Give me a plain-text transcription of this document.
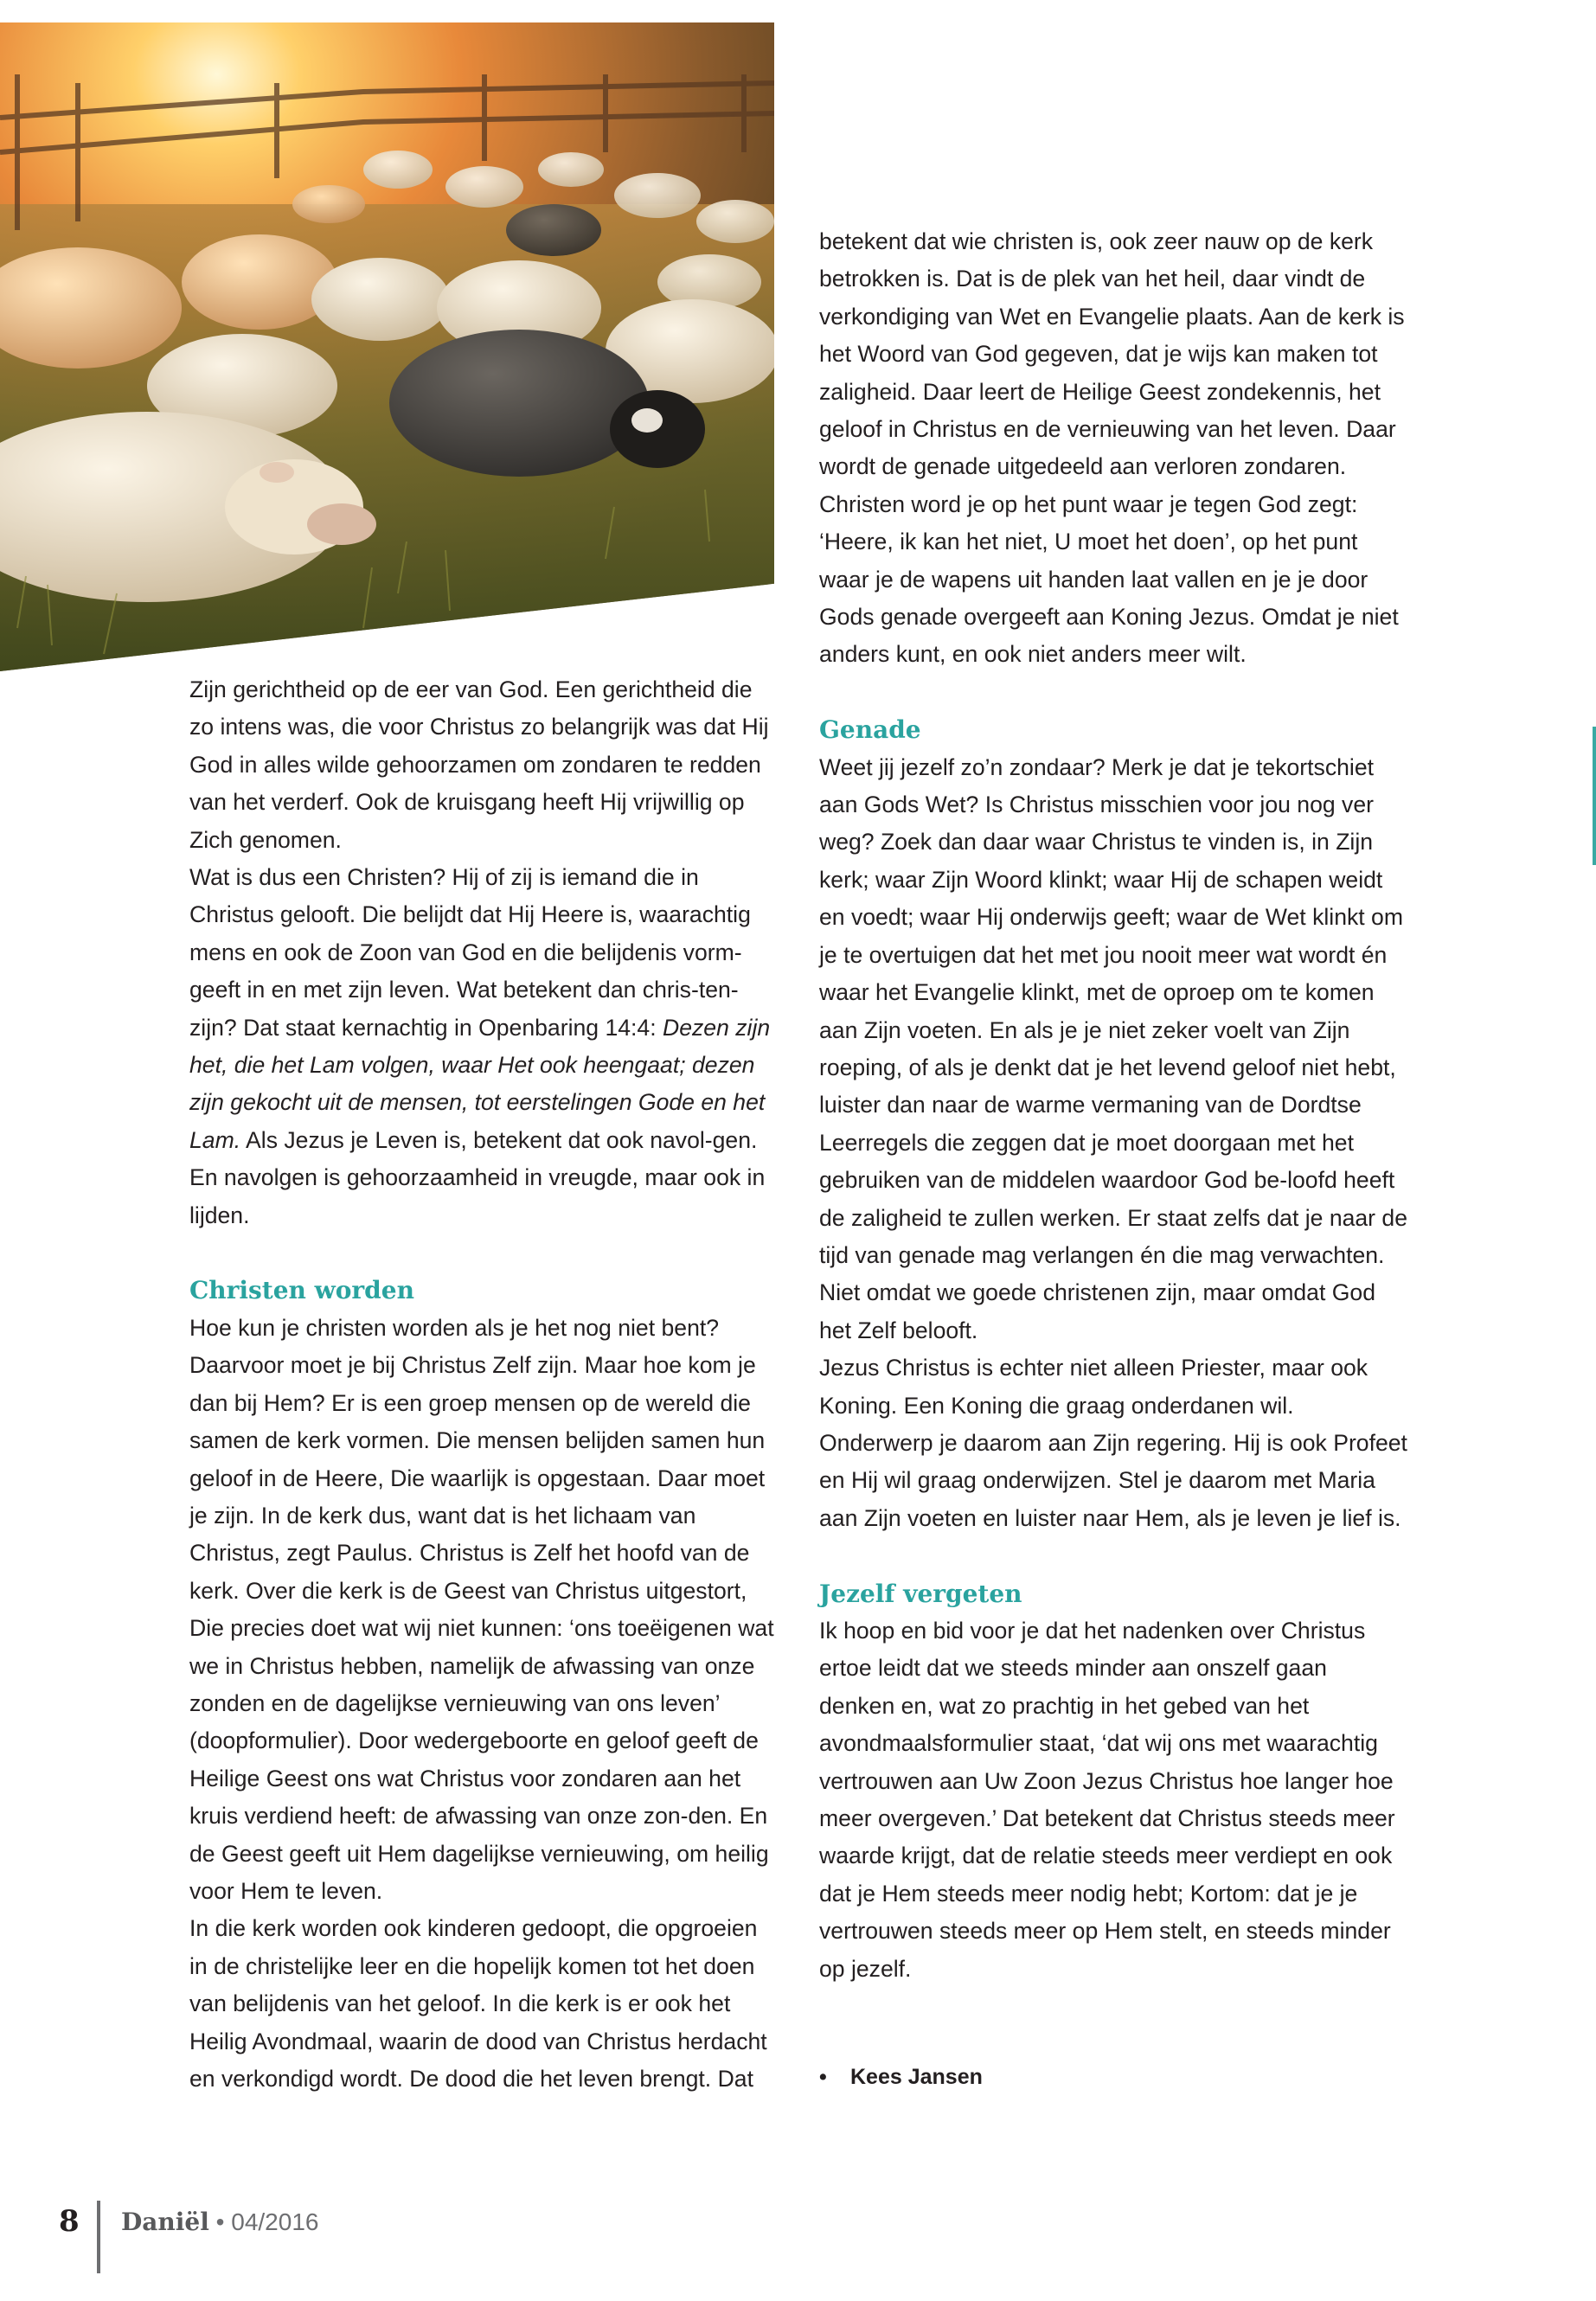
Zijn gerichtheid op de eer van God. Een gerichtheid die zo intens was, die voor Christus zo belangrijk was dat Hij God in alles wilde gehoorzamen om zondaren te redden van het verderf. Ook de kruisgang heeft Hij vrijwillig op Zich genomen.

Wat is dus een Christen? Hij of zij is iemand die in Christus gelooft. Die belijdt dat Hij Heere is, waarachtig mens en ook de Zoon van God en die belijdenis vorm-geeft in en met zijn leven. Wat betekent dan chris-ten-zijn? Dat staat kernachtig in Openbaring 14:4: Dezen zijn het, die het Lam volgen, waar Het ook heengaat; dezen zijn gekocht uit de mensen, tot eerstelingen Gode en het Lam. Als Jezus je Leven is, betekent dat ook navol-gen. En navolgen is gehoorzaamheid in vreugde, maar ook in lijden.

Christen worden

Hoe kun je christen worden als je het nog niet bent? Daarvoor moet je bij Christus Zelf zijn. Maar hoe kom je dan bij Hem? Er is een groep mensen op de wereld die samen de kerk vormen. Die mensen belijden samen hun geloof in de Heere, Die waarlijk is opgestaan. Daar moet je zijn. In de kerk dus, want dat is het lichaam van Christus, zegt Paulus. Christus is Zelf het hoofd van de kerk. Over die kerk is de Geest van Christus uitgestort, Die precies doet wat wij niet kunnen: ‘ons toeëigenen wat we in Christus hebben, namelijk de afwassing van onze zonden en de dagelijkse vernieuwing van ons leven’ (doopformulier). Door wedergeboorte en geloof geeft de Heilige Geest ons wat Christus voor zondaren aan het kruis verdiend heeft: de afwassing van onze zon-den. En de Geest geeft uit Hem dagelijkse vernieuwing, om heilig voor Hem te leven.

In die kerk worden ook kinderen gedoopt, die opgroeien in de christelijke leer en die hopelijk komen tot het doen van belijdenis van het geloof. In die kerk is er ook het Heilig Avondmaal, waarin de dood van Christus herdacht en verkondigd wordt. De dood die het leven brengt. Dat

betekent dat wie christen is, ook zeer nauw op de kerk betrokken is. Dat is de plek van het heil, daar vindt de verkondiging van Wet en Evangelie plaats. Aan de kerk is het Woord van God gegeven, dat je wijs kan maken tot zaligheid. Daar leert de Heilige Geest zondekennis, het geloof in Christus en de vernieuwing van het leven. Daar wordt de genade uitgedeeld aan verloren zondaren. Christen word je op het punt waar je tegen God zegt: ‘Heere, ik kan het niet, U moet het doen’, op het punt waar je de wapens uit handen laat vallen en je je door Gods genade overgeeft aan Koning Jezus. Omdat je niet anders kunt, en ook niet anders meer wilt.

Genade

Weet jij jezelf zo’n zondaar? Merk je dat je tekortschiet aan Gods Wet? Is Christus misschien voor jou nog ver weg? Zoek dan daar waar Christus te vinden is, in Zijn kerk; waar Zijn Woord klinkt; waar Hij de schapen weidt en voedt; waar Hij onderwijs geeft; waar de Wet klinkt om je te overtuigen dat het met jou nooit meer wat wordt én waar het Evangelie klinkt, met de oproep om te komen aan Zijn voeten. En als je je niet zeker voelt van Zijn roeping, of als je denkt dat je het levend geloof niet hebt, luister dan naar de warme vermaning van de Dordtse Leerregels die zeggen dat je moet doorgaan met het gebruiken van de middelen waardoor God be-loofd heeft de zaligheid te zullen werken. Er staat zelfs dat je naar de tijd van genade mag verlangen én die mag verwachten. Niet omdat we goede christenen zijn, maar omdat God het Zelf belooft.

Jezus Christus is echter niet alleen Priester, maar ook Koning. Een Koning die graag onderdanen wil. Onderwerp je daarom aan Zijn regering. Hij is ook Profeet en Hij wil graag onderwijzen. Stel je daarom met Maria aan Zijn voeten en luister naar Hem, als je leven je lief is.

Jezelf vergeten

Ik hoop en bid voor je dat het nadenken over Christus ertoe leidt dat we steeds minder aan onszelf gaan denken en, wat zo prachtig in het gebed van het avondmaalsformulier staat, ‘dat wij ons met waarachtig vertrouwen aan Uw Zoon Jezus Christus hoe langer hoe meer overgeven.’ Dat betekent dat Christus steeds meer waarde krijgt, dat de relatie steeds meer verdiept en ook dat je Hem steeds meer nodig hebt; Kortom: dat je je vertrouwen steeds meer op Hem stelt, en steeds minder op jezelf.

• Kees Jansen
8 Daniël • 04/2016
